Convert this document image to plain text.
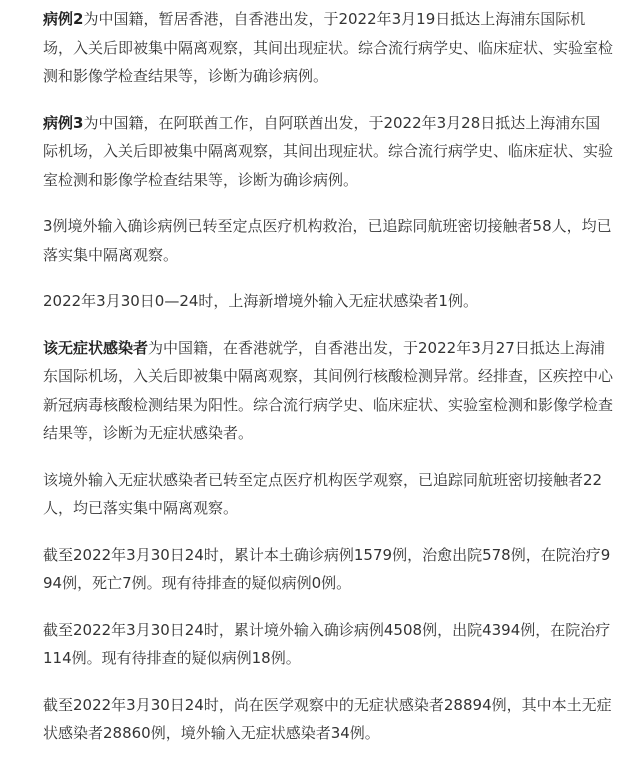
病例2为中国籍，暂居香港，自香港出发，于2022年3月19日抵达上海浦东国际机场，入关后即被集中隔离观察，其间出现症状。综合流行病学史、临床症状、实验室检测和影像学检查结果等，诊断为确诊病例。

病例3为中国籍，在阿联酋工作，自阿联酋出发，于2022年3月28日抵达上海浦东国际机场，入关后即被集中隔离观察，其间出现症状。综合流行病学史、临床症状、实验室检测和影像学检查结果等，诊断为确诊病例。

3例境外输入确诊病例已转至定点医疗机构救治，已追踪同航班密切接触者58人，均已落实集中隔离观察。

2022年3月30日0—24时，上海新增境外输入无症状感染者1例。

该无症状感染者为中国籍，在香港就学，自香港出发，于2022年3月27日抵达上海浦东国际机场，入关后即被集中隔离观察，其间例行核酸检测异常。经排查，区疾控中心新冠病毒核酸检测结果为阳性。综合流行病学史、临床症状、实验室检测和影像学检查结果等，诊断为无症状感染者。

该境外输入无症状感染者已转至定点医疗机构医学观察，已追踪同航班密切接触者22人，均已落实集中隔离观察。

截至2022年3月30日24时，累计本土确诊病例1579例，治愈出院578例，在院治疗994例，死亡7例。现有待排查的疑似病例0例。

截至2022年3月30日24时，累计境外输入确诊病例4508例，出院4394例，在院治疗114例。现有待排查的疑似病例18例。

截至2022年3月30日24时，尚在医学观察中的无症状感染者28894例，其中本土无症状感染者28860例，境外输入无症状感染者34例。
